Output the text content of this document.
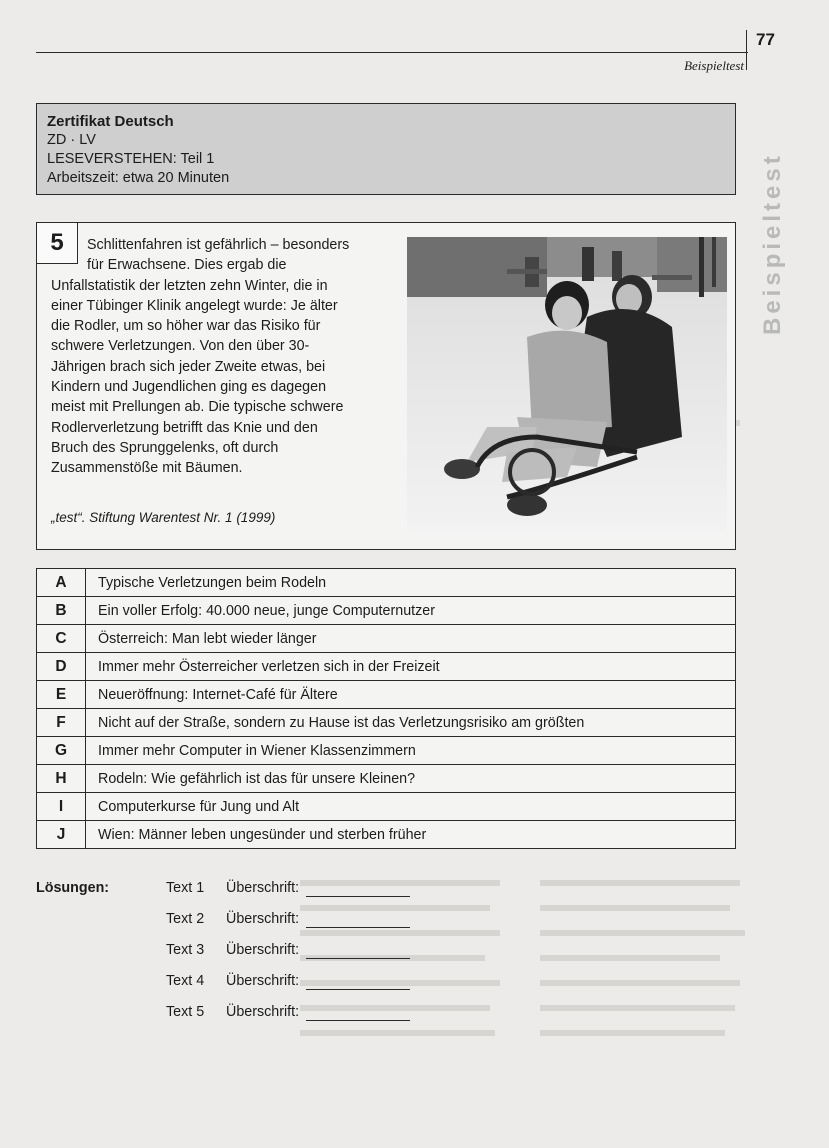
77
Beispieltest
Beispieltest
Zertifikat Deutsch
ZD · LV
LESEVERSTEHEN: Teil 1
Arbeitszeit: etwa 20 Minuten
5	Schlittenfahren ist gefährlich – besonders
für Erwachsene. Dies ergab die
Unfallstatistik der letzten zehn Winter, die in
einer Tübinger Klinik angelegt wurde: Je älter
die Rodler, um so höher war das Risiko für
schwere Verletzungen. Von den über 30-
Jährigen brach sich jeder Zweite etwas, bei
Kindern und Jugendlichen ging es dagegen
meist mit Prellungen ab. Die typische schwere
Rodlerverletzung betrifft das Knie und den
Bruch des Sprunggelenks, oft durch
Zusammenstöße mit Bäumen.
„test“. Stiftung Warentest Nr. 1 (1999)
A	Typische Verletzungen beim Rodeln
B	Ein voller Erfolg: 40.000 neue, junge Computernutzer
C	Österreich: Man lebt wieder länger
D	Immer mehr Österreicher verletzen sich in der Freizeit
E	Neueröffnung: Internet-Café für Ältere
F	Nicht auf der Straße, sondern zu Hause ist das Verletzungsrisiko am größten
G	Immer mehr Computer in Wiener Klassenzimmern
H	Rodeln: Wie gefährlich ist das für unsere Kleinen?
I	Computerkurse für Jung und Alt
J	Wien: Männer leben ungesünder und sterben früher
Lösungen:	Text 1 Überschrift:
Text 2 Überschrift:
Text 3 Überschrift:
Text 4 Überschrift:
Text 5 Überschrift:
